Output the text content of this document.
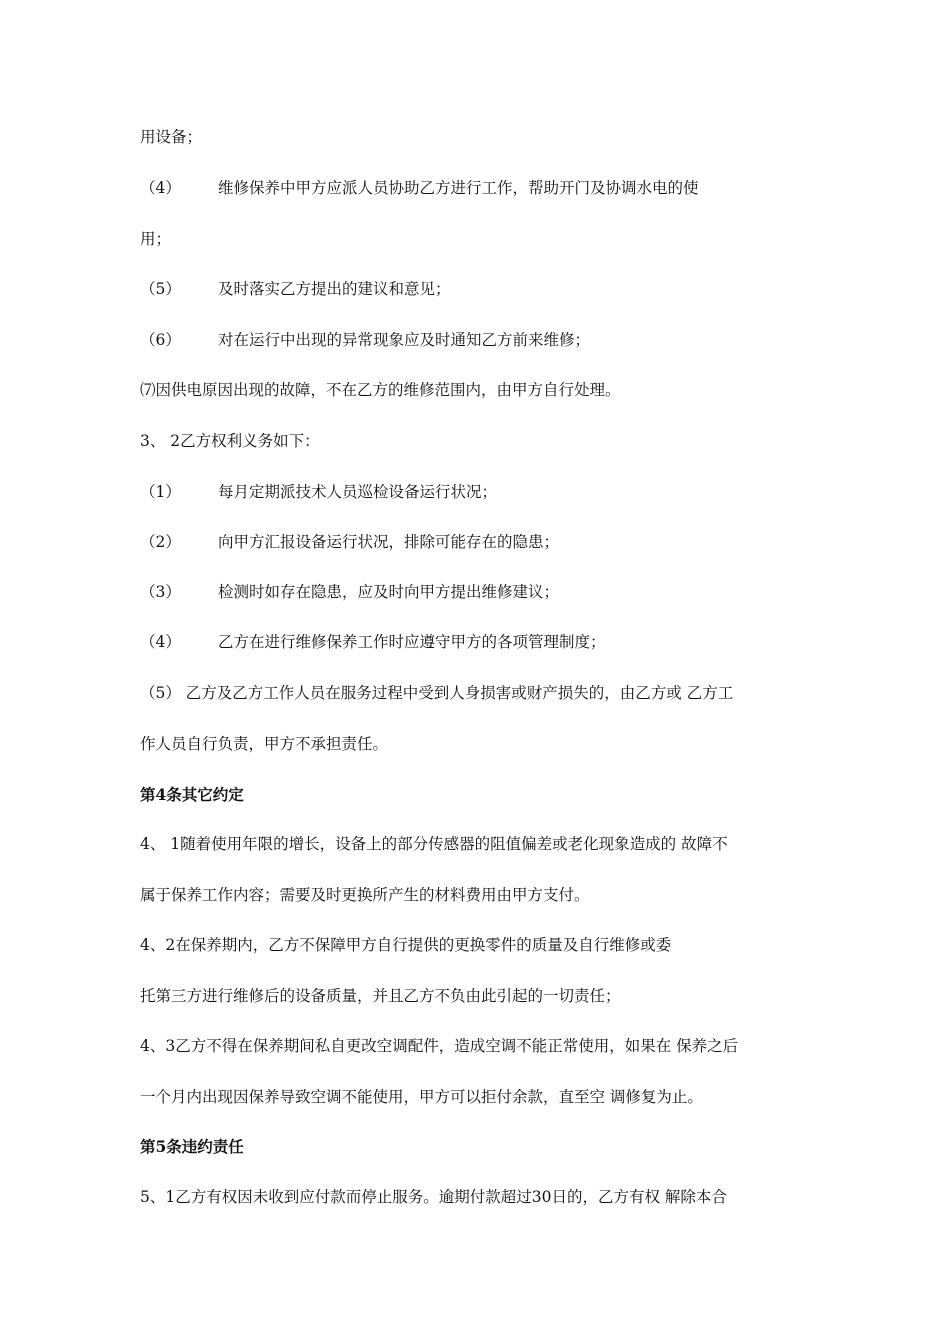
用设备；
（4） 维修保养中甲方应派人员协助乙方进行工作，帮助开门及协调水电的使
用；
（5） 及时落实乙方提出的建议和意见；
（6） 对在运行中出现的异常现象应及时通知乙方前来维修；
⑺因供电原因出现的故障，不在乙方的维修范围内，由甲方自行处理。
3、 2乙方权利义务如下：
（1） 每月定期派技术人员巡检设备运行状况；
（2） 向甲方汇报设备运行状况，排除可能存在的隐患；
（3） 检测时如存在隐患，应及时向甲方提出维修建议；
（4） 乙方在进行维修保养工作时应遵守甲方的各项管理制度；
（5） 乙方及乙方工作人员在服务过程中受到人身损害或财产损失的，由乙方或 乙方工
作人员自行负责，甲方不承担责任。
第4条其它约定
4、 1随着使用年限的增长，设备上的部分传感器的阻值偏差或老化现象造成的 故障不
属于保养工作内容；需要及时更换所产生的材料费用由甲方支付。
4、2在保养期内，乙方不保障甲方自行提供的更换零件的质量及自行维修或委
托第三方进行维修后的设备质量，并且乙方不负由此引起的一切责任；
4、3乙方不得在保养期间私自更改空调配件，造成空调不能正常使用，如果在 保养之后
一个月内出现因保养导致空调不能使用，甲方可以拒付余款，直至空 调修复为止。
第5条违约责任
5、1乙方有权因未收到应付款而停止服务。逾期付款超过30日的，乙方有权 解除本合
